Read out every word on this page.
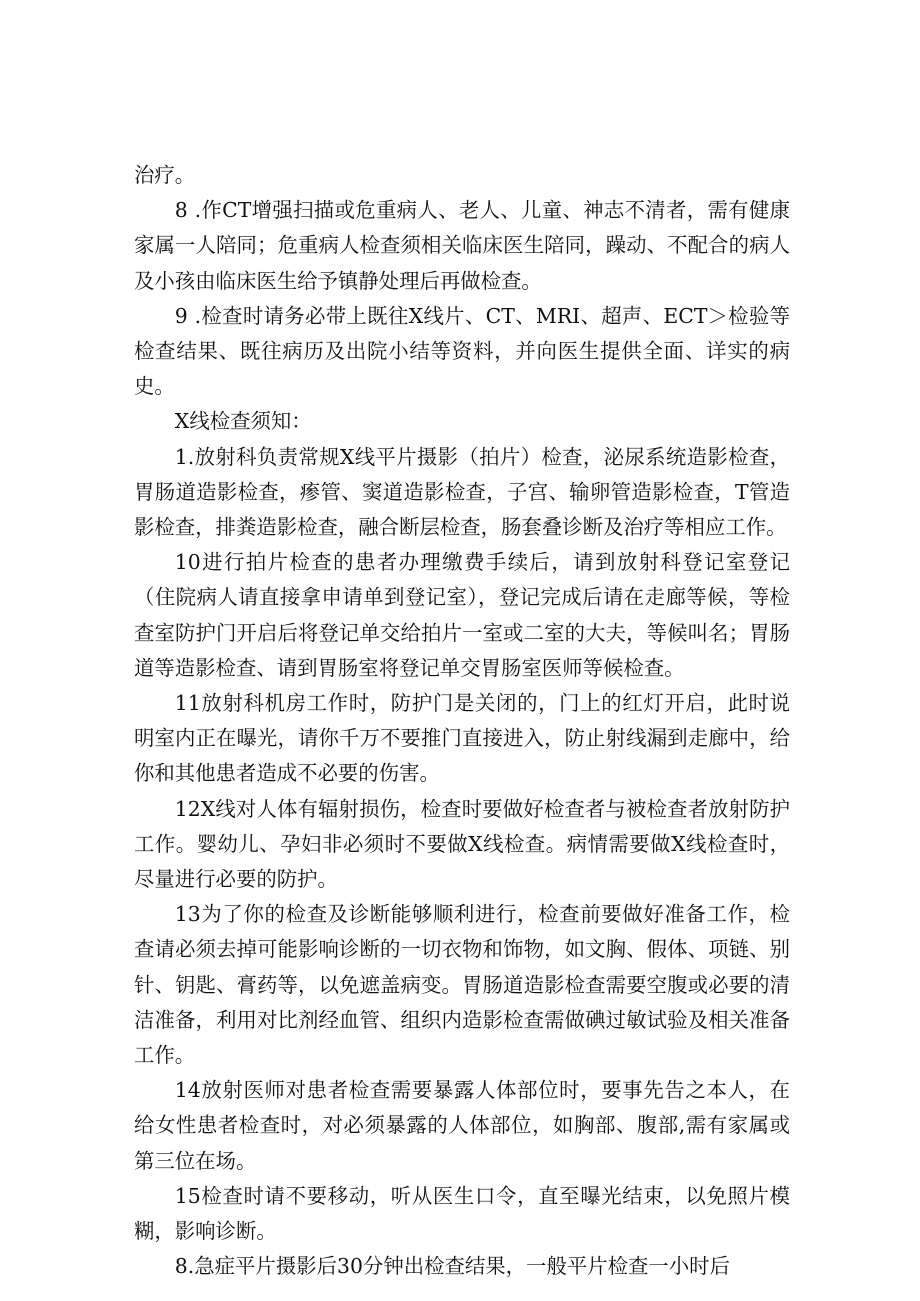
治疗。

8 .作CT增强扫描或危重病人、老人、儿童、神志不清者，需有健康家属一人陪同；危重病人检查须相关临床医生陪同，躁动、不配合的病人及小孩由临床医生给予镇静处理后再做检查。

9 .检查时请务必带上既往X线片、CT、MRI、超声、ECT＞检验等检查结果、既往病历及出院小结等资料，并向医生提供全面、详实的病史。

X线检查须知：

1.放射科负责常规X线平片摄影（拍片）检查，泌尿系统造影检查，胃肠道造影检查，瘆管、窦道造影检查，子宫、输卵管造影检查，T管造影检查，排粪造影检查，融合断层检查，肠套叠诊断及治疗等相应工作。

10进行拍片检查的患者办理缴费手续后，请到放射科登记室登记（住院病人请直接拿申请单到登记室），登记完成后请在走廊等候，等检查室防护门开启后将登记单交给拍片一室或二室的大夫，等候叫名；胃肠道等造影检查、请到胃肠室将登记单交胃肠室医师等候检查。

11放射科机房工作时，防护门是关闭的，门上的红灯开启，此时说明室内正在曝光，请你千万不要推门直接进入，防止射线漏到走廊中，给你和其他患者造成不必要的伤害。

12X线对人体有辐射损伤，检查时要做好检查者与被检查者放射防护工作。婴幼儿、孕妇非必须时不要做X线检查。病情需要做X线检查时，尽量进行必要的防护。

13为了你的检查及诊断能够顺利进行，检查前要做好准备工作，检查请必须去掉可能影响诊断的一切衣物和饰物，如文胸、假体、项链、别针、钥匙、膏药等，以免遮盖病变。胃肠道造影检查需要空腹或必要的清洁准备，利用对比剂经血管、组织内造影检查需做碘过敏试验及相关准备工作。

14放射医师对患者检查需要暴露人体部位时，要事先告之本人，在给女性患者检查时，对必须暴露的人体部位，如胸部、腹部,需有家属或第三位在场。

15检查时请不要移动，听从医生口令，直至曝光结束，以免照片模糊，影响诊断。

8.急症平片摄影后30分钟出检查结果，一般平片检查一小时后
